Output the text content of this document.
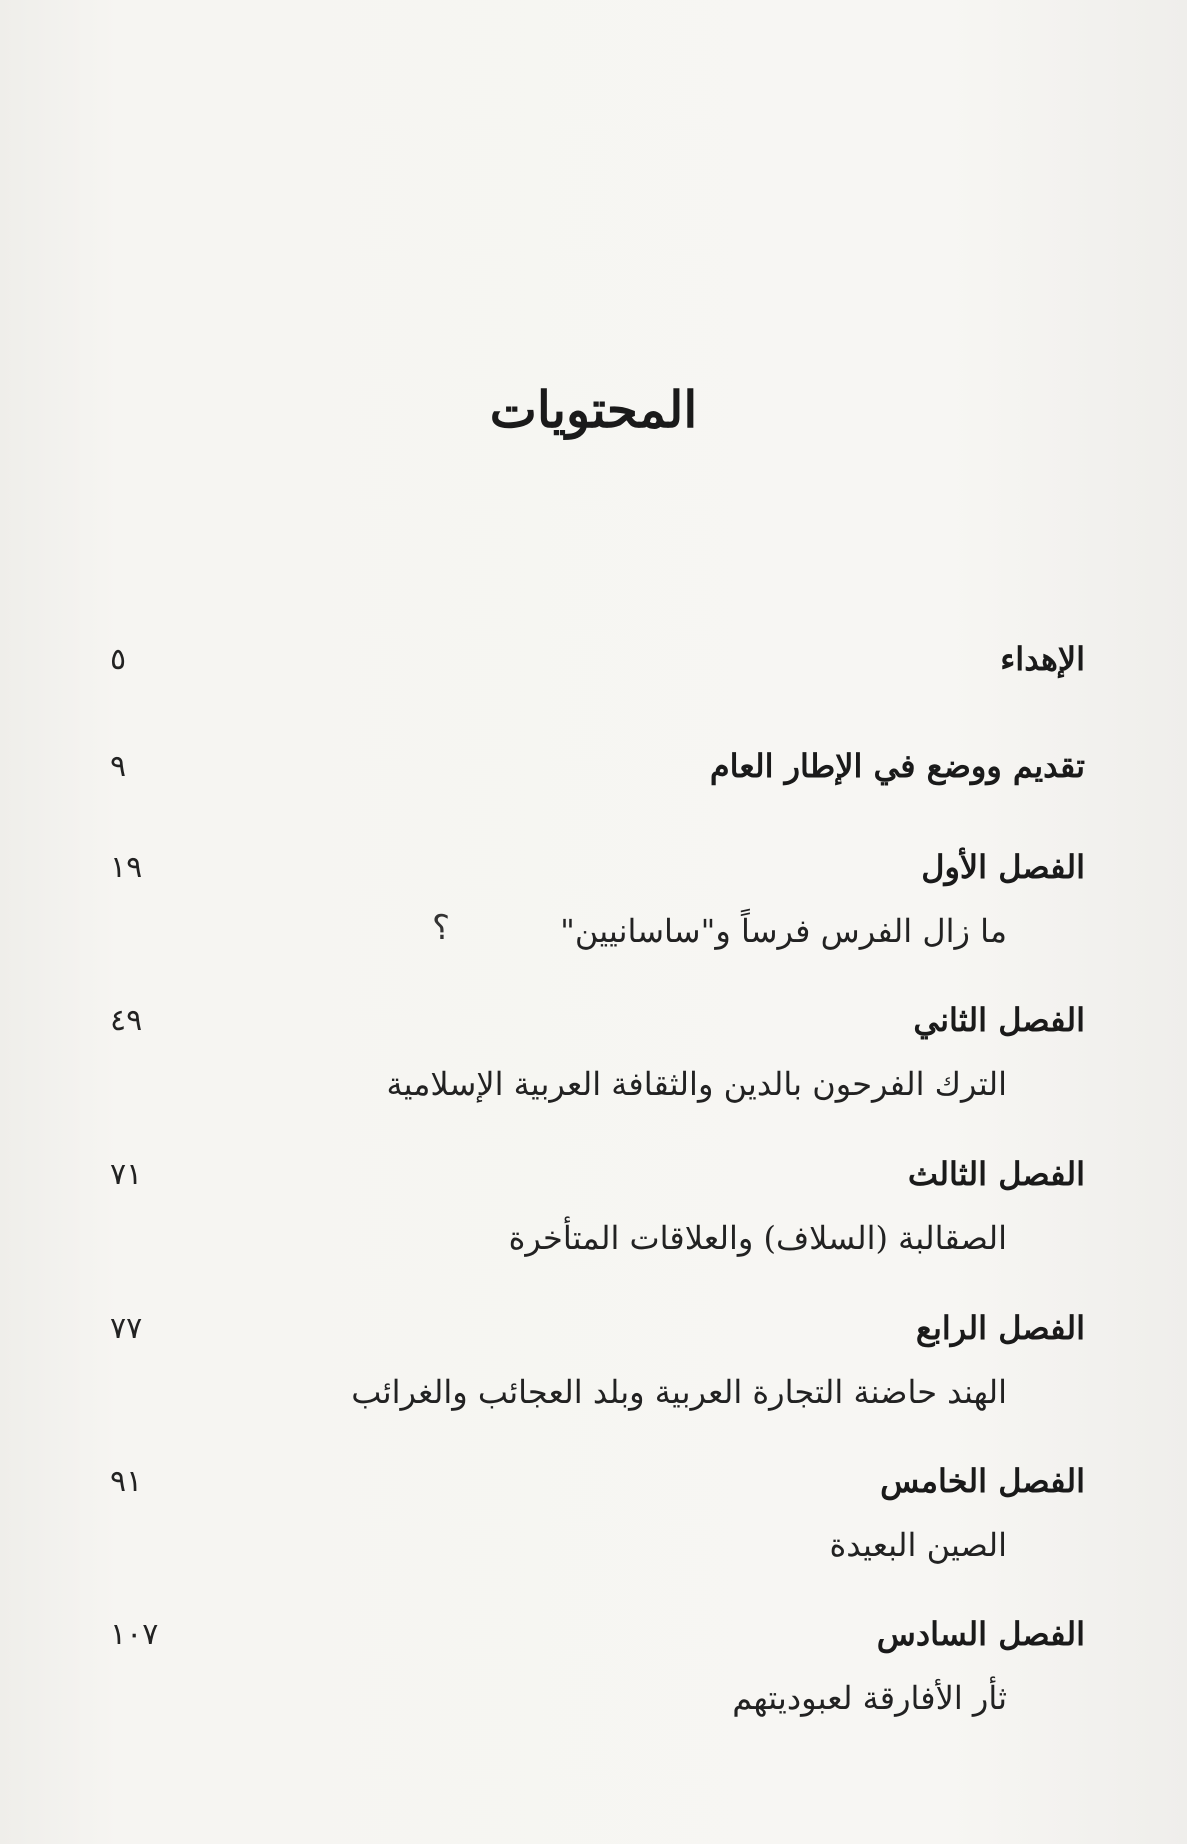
المحتويات
الإهداء
٥
تقديم ووضع في الإطار العام
٩
الفصل الأول
ما زال الفرس فرساً و"ساسانيين"
١٩
الفصل الثاني
الترك الفرحون بالدين والثقافة العربية الإسلامية
٤٩
الفصل الثالث
الصقالبة (السلاف) والعلاقات المتأخرة
٧١
الفصل الرابع
الهند حاضنة التجارة العربية وبلد العجائب والغرائب
٧٧
الفصل الخامس
الصين البعيدة
٩١
الفصل السادس
ثأر الأفارقة لعبوديتهم
١٠٧
؟
